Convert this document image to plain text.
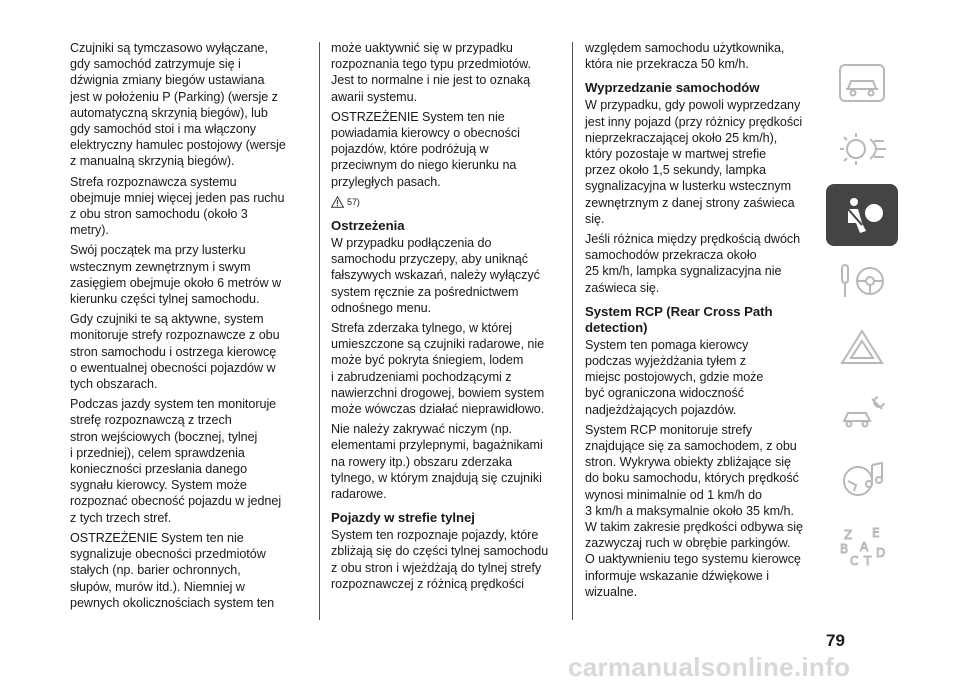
Czujniki są tymczasowo wyłączane,
gdy samochód zatrzymuje się i
dźwignia zmiany biegów ustawiana
jest w położeniu P (Parking) (wersje z
automatyczną skrzynią biegów), lub
gdy samochód stoi i ma włączony
elektryczny hamulec postojowy (wersje
z manualną skrzynią biegów).

Strefa rozpoznawcza systemu
obejmuje mniej więcej jeden pas ruchu
z obu stron samochodu (około 3
metry).

Swój początek ma przy lusterku
wstecznym zewnętrznym i swym
zasięgiem obejmuje około 6 metrów w
kierunku części tylnej samochodu.

Gdy czujniki te są aktywne, system
monitoruje strefy rozpoznawcze z obu
stron samochodu i ostrzega kierowcę
o ewentualnej obecności pojazdów w
tych obszarach.

Podczas jazdy system ten monitoruje
strefę rozpoznawczą z trzech
stron wejściowych (bocznej, tylnej
i przedniej), celem sprawdzenia
konieczności przesłania danego
sygnału kierowcy. System może
rozpoznać obecność pojazdu w jednej
z tych trzech stref.

OSTRZEŻENIE System ten nie
sygnalizuje obecności przedmiotów
stałych (np. barier ochronnych,
słupów, murów itd.). Niemniej w
pewnych okolicznościach system ten

może uaktywnić się w przypadku
rozpoznania tego typu przedmiotów.
Jest to normalne i nie jest to oznaką
awarii systemu.

OSTRZEŻENIE System ten nie
powiadamia kierowcy o obecności
pojazdów, które podróżują w
przeciwnym do niego kierunku na
przyległych pasach.

57)
Ostrzeżenia

W przypadku podłączenia do
samochodu przyczepy, aby uniknąć
fałszywych wskazań, należy wyłączyć
system ręcznie za pośrednictwem
odnośnego menu.

Strefa zderzaka tylnego, w której
umieszczone są czujniki radarowe, nie
może być pokryta śniegiem, lodem
i zabrudzeniami pochodzącymi z
nawierzchni drogowej, bowiem system
może wówczas działać nieprawidłowo.

Nie należy zakrywać niczym (np.
elementami przylepnymi, bagażnikami
na rowery itp.) obszaru zderzaka
tylnego, w którym znajdują się czujniki
radarowe.

Pojazdy w strefie tylnej

System ten rozpoznaje pojazdy, które
zbliżają się do części tylnej samochodu
z obu stron i wjeżdżają do tylnej strefy
rozpoznawczej z różnicą prędkości

względem samochodu użytkownika,
która nie przekracza 50 km/h.

Wyprzedzanie samochodów

W przypadku, gdy powoli wyprzedzany
jest inny pojazd (przy różnicy prędkości
nieprzekraczającej około 25 km/h),
który pozostaje w martwej strefie
przez około 1,5 sekundy, lampka
sygnalizacyjna w lusterku wstecznym
zewnętrznym z danej strony zaświeca
się.

Jeśli różnica między prędkością dwóch
samochodów przekracza około
25 km/h, lampka sygnalizacyjna nie
zaświeca się.

System RCP (Rear Cross Path
detection)

System ten pomaga kierowcy
podczas wyjeżdżania tyłem z
miejsc postojowych, gdzie może
być ograniczona widoczność
nadjeżdżających pojazdów.

System RCP monitoruje strefy
znajdujące się za samochodem, z obu
stron. Wykrywa obiekty zbliżające się
do boku samochodu, których prędkość
wynosi minimalnie od 1 km/h do
3 km/h a maksymalnie około 35 km/h.
W takim zakresie prędkości odbywa się
zazwyczaj ruch w obrębie parkingów.
O uaktywnieniu tego systemu kierowcę
informuje wskazanie dźwiękowe i
wizualne.

Z E
B A
C T
D
79
carmanualsonline.info
